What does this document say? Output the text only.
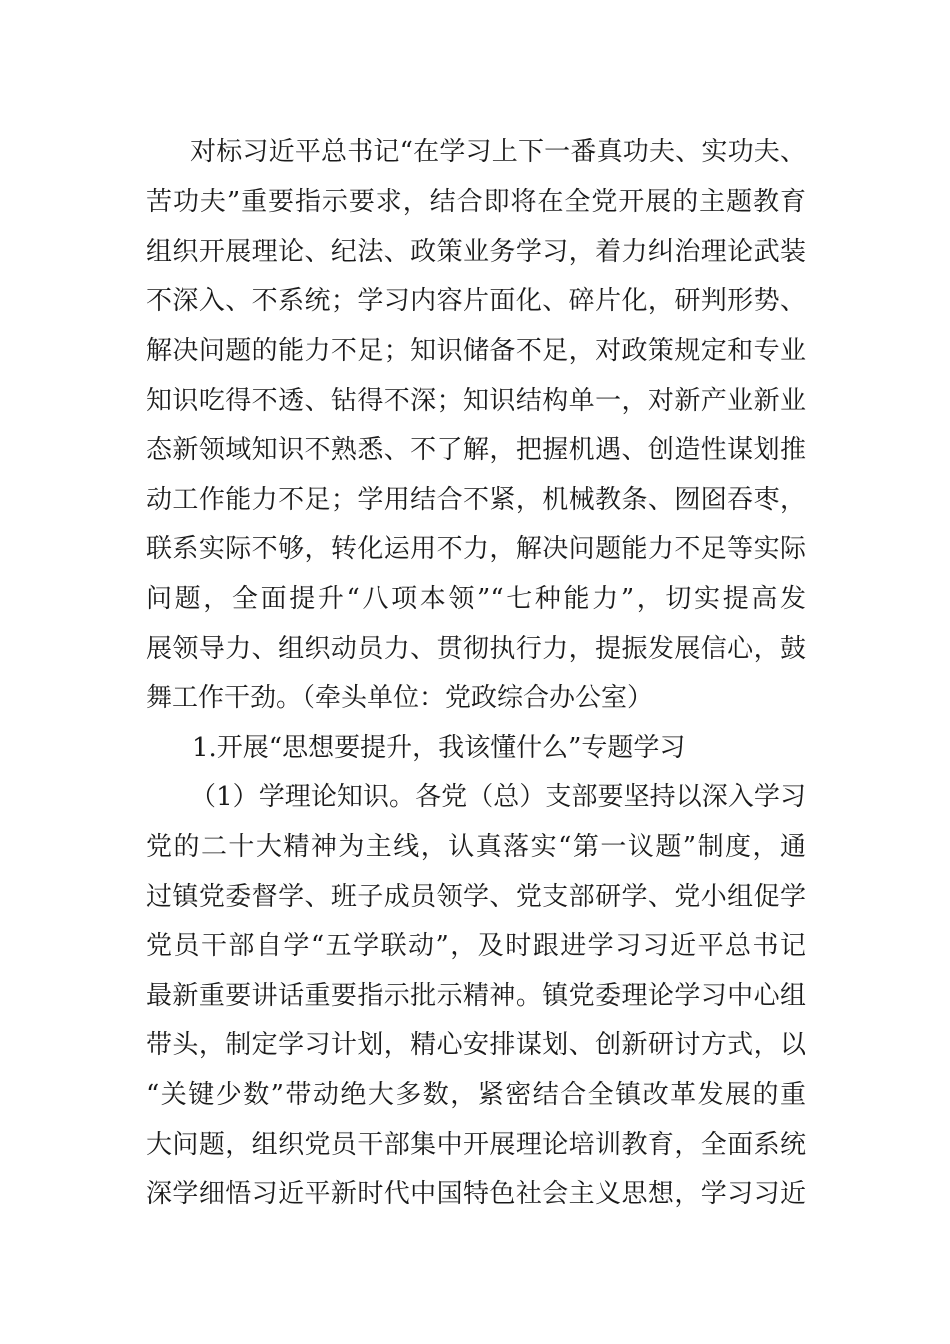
对标习近平总书记“在学习上下一番真功夫、实功夫、
苦功夫”重要指示要求，结合即将在全党开展的主题教育
组织开展理论、纪法、政策业务学习，着力纠治理论武装
不深入、不系统；学习内容片面化、碎片化，研判形势、
解决问题的能力不足；知识储备不足，对政策规定和专业
知识吃得不透、钻得不深；知识结构单一，对新产业新业
态新领域知识不熟悉、不了解，把握机遇、创造性谋划推
动工作能力不足；学用结合不紧，机械教条、囫囵吞枣，
联系实际不够，转化运用不力，解决问题能力不足等实际
问题，全面提升“八项本领”“七种能力”，切实提高发
展领导力、组织动员力、贯彻执行力，提振发展信心，鼓
舞工作干劲。（牵头单位：党政综合办公室）
1.开展“思想要提升，我该懂什么”专题学习
（1）学理论知识。各党（总）支部要坚持以深入学习
党的二十大精神为主线，认真落实“第一议题”制度，通
过镇党委督学、班子成员领学、党支部研学、党小组促学
党员干部自学“五学联动”，及时跟进学习习近平总书记
最新重要讲话重要指示批示精神。镇党委理论学习中心组
带头，制定学习计划，精心安排谋划、创新研讨方式，以
“关键少数”带动绝大多数，紧密结合全镇改革发展的重
大问题，组织党员干部集中开展理论培训教育，全面系统
深学细悟习近平新时代中国特色社会主义思想，学习习近
